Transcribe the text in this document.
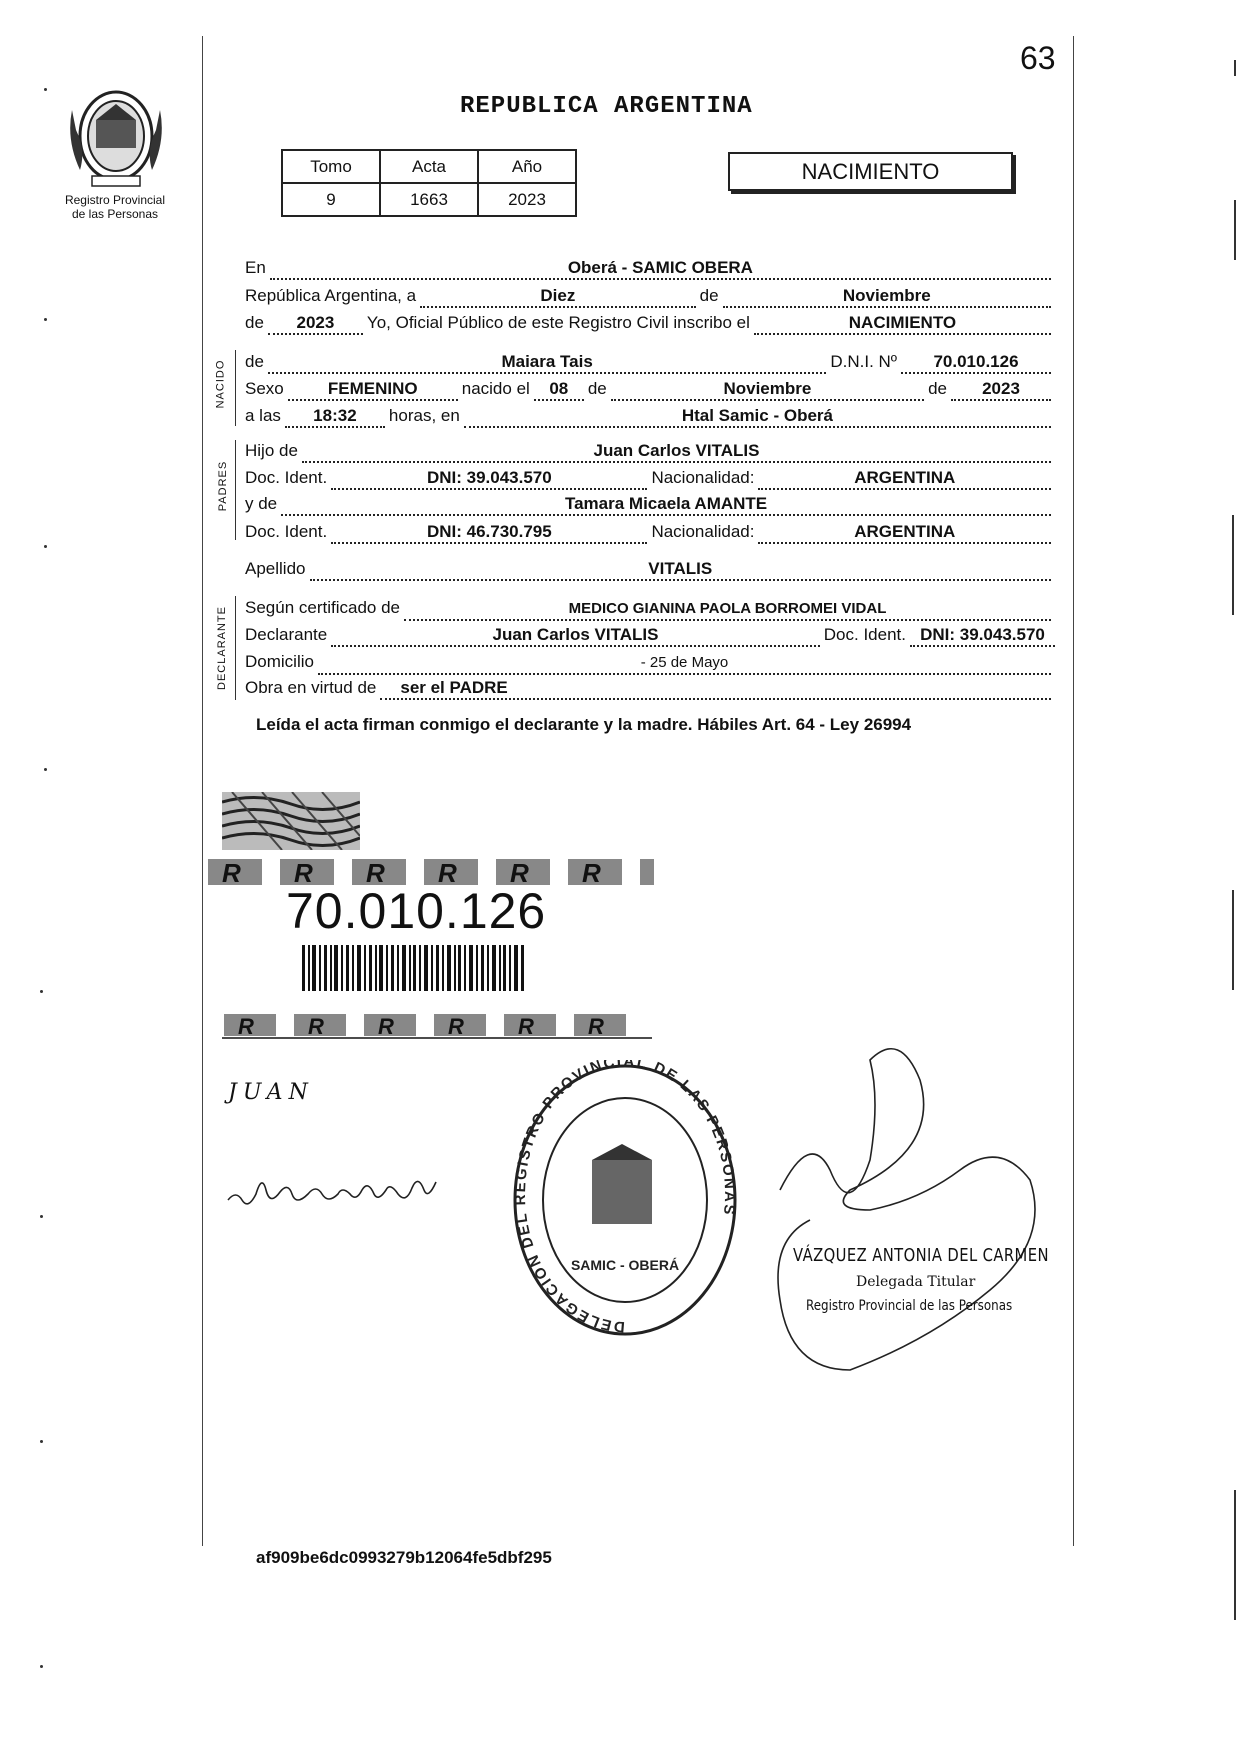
63
Registro Provincial
de las Personas
REPUBLICA ARGENTINA
Tomo	Acta	Año
9	1663	2023
NACIMIENTO
En	Oberá - SAMIC OBERA
República Argentina, a	Diez	de	Noviembre
de	2023	Yo, Oficial Público de este Registro Civil inscribo el	NACIMIENTO
NACIDO de	Maiara Tais	D.N.I. Nº	70.010.126
Sexo	FEMENINO	nacido el	08	de	Noviembre	de	2023
a las	18:32	horas, en	Htal Samic - Oberá
PADRES
Hijo de	Juan Carlos VITALIS
Doc. Ident.	DNI: 39.043.570	Nacionalidad:	ARGENTINA
y de	Tamara Micaela AMANTE
Doc. Ident.	DNI: 46.730.795	Nacionalidad:	ARGENTINA
Apellido	VITALIS
DECLARANTE Según certificado de	MEDICO GIANINA PAOLA BORROMEI VIDAL
Declarante	Juan Carlos VITALIS	Doc. Ident. DNI: 39.043.570
Domicilio	- 25 de Mayo
Obra en virtud de	ser el PADRE
Leída el acta firman conmigo el declarante y la madre. Hábiles Art. 64 - Ley 26994
R R R R R R
70.010.126
R R R R R R
JUAN
DELEGACIÓN DEL REGISTRO PROVINCIAL DE LAS PERSONAS
SAMIC - OBERÁ	VÁZQUEZ ANTONIA DEL CARMEN
Delegada Titular
Registro Provincial de las Personas
af909be6dc0993279b12064fe5dbf295
